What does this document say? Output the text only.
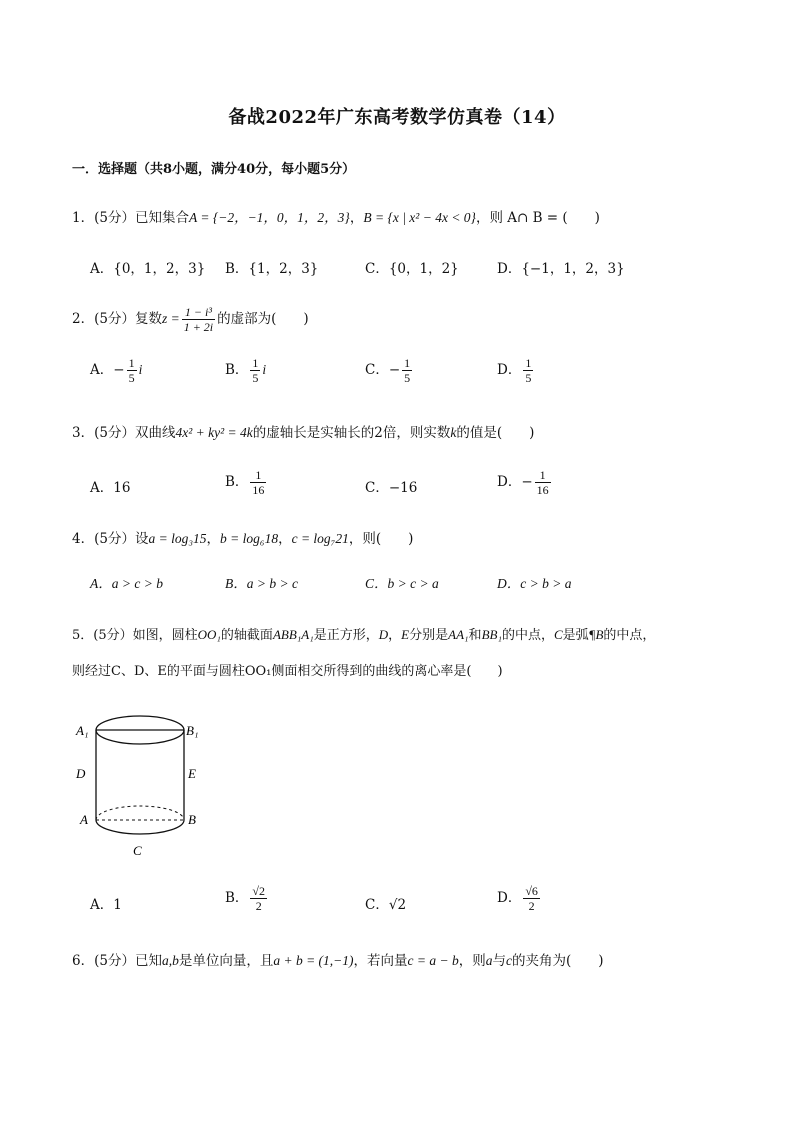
备战2022年广东高考数学仿真卷（14）
一．选择题（共8小题，满分40分，每小题5分）
1．(5分）已知集合A = {−2，−1，0，1，2，3}，B = {x | x² − 4x < 0}，则 A∩ B = (　　)
A．{0，1，2，3} B．{1，2，3}	C．{0，1，2}	D．{−1，1，2，3}
2．(5分）复数$z = \frac{\text{1 − i³}}{1 + 2i}$ 的虚部为(　　)
A．− $\frac{1}{5}$ i	B． $\frac{1}{5}$ i	C．− $\frac{1}{5}$	D． $\frac{1}{5}$
3．(5分）双曲线4x² + ky² = 4k的虚轴长是实轴长的2倍，则实数k的值是(　　)
A．16	B． $\frac{1}{16}$	C．−16	D．− $\frac{1}{16}$
4．(5分）设a = log₃15，b = log₆18，c = log₇21，则(　　)
A．a > c > b	B．a > b > c	C．b > c > a	D．c > b > a
5．(5分）如图，圆柱OO₁的轴截面ABB₁A₁是正方形，D，E分别是AA₁和BB₁的中点，C是弧¶B的中点，
则经过C、D、E的平面与圆柱OO₁侧面相交所得到的曲线的离心率是(　　)
A₁	B₁
D	E
A	B
C
A．1	B． $\frac{√2}{2}$	C．√2	D． $\frac{√6}{2}$
6．(5分）已知a,b是单位向量，且a + b = (1,−1)，若向量c = a − b，则a与c的夹角为(　　)
